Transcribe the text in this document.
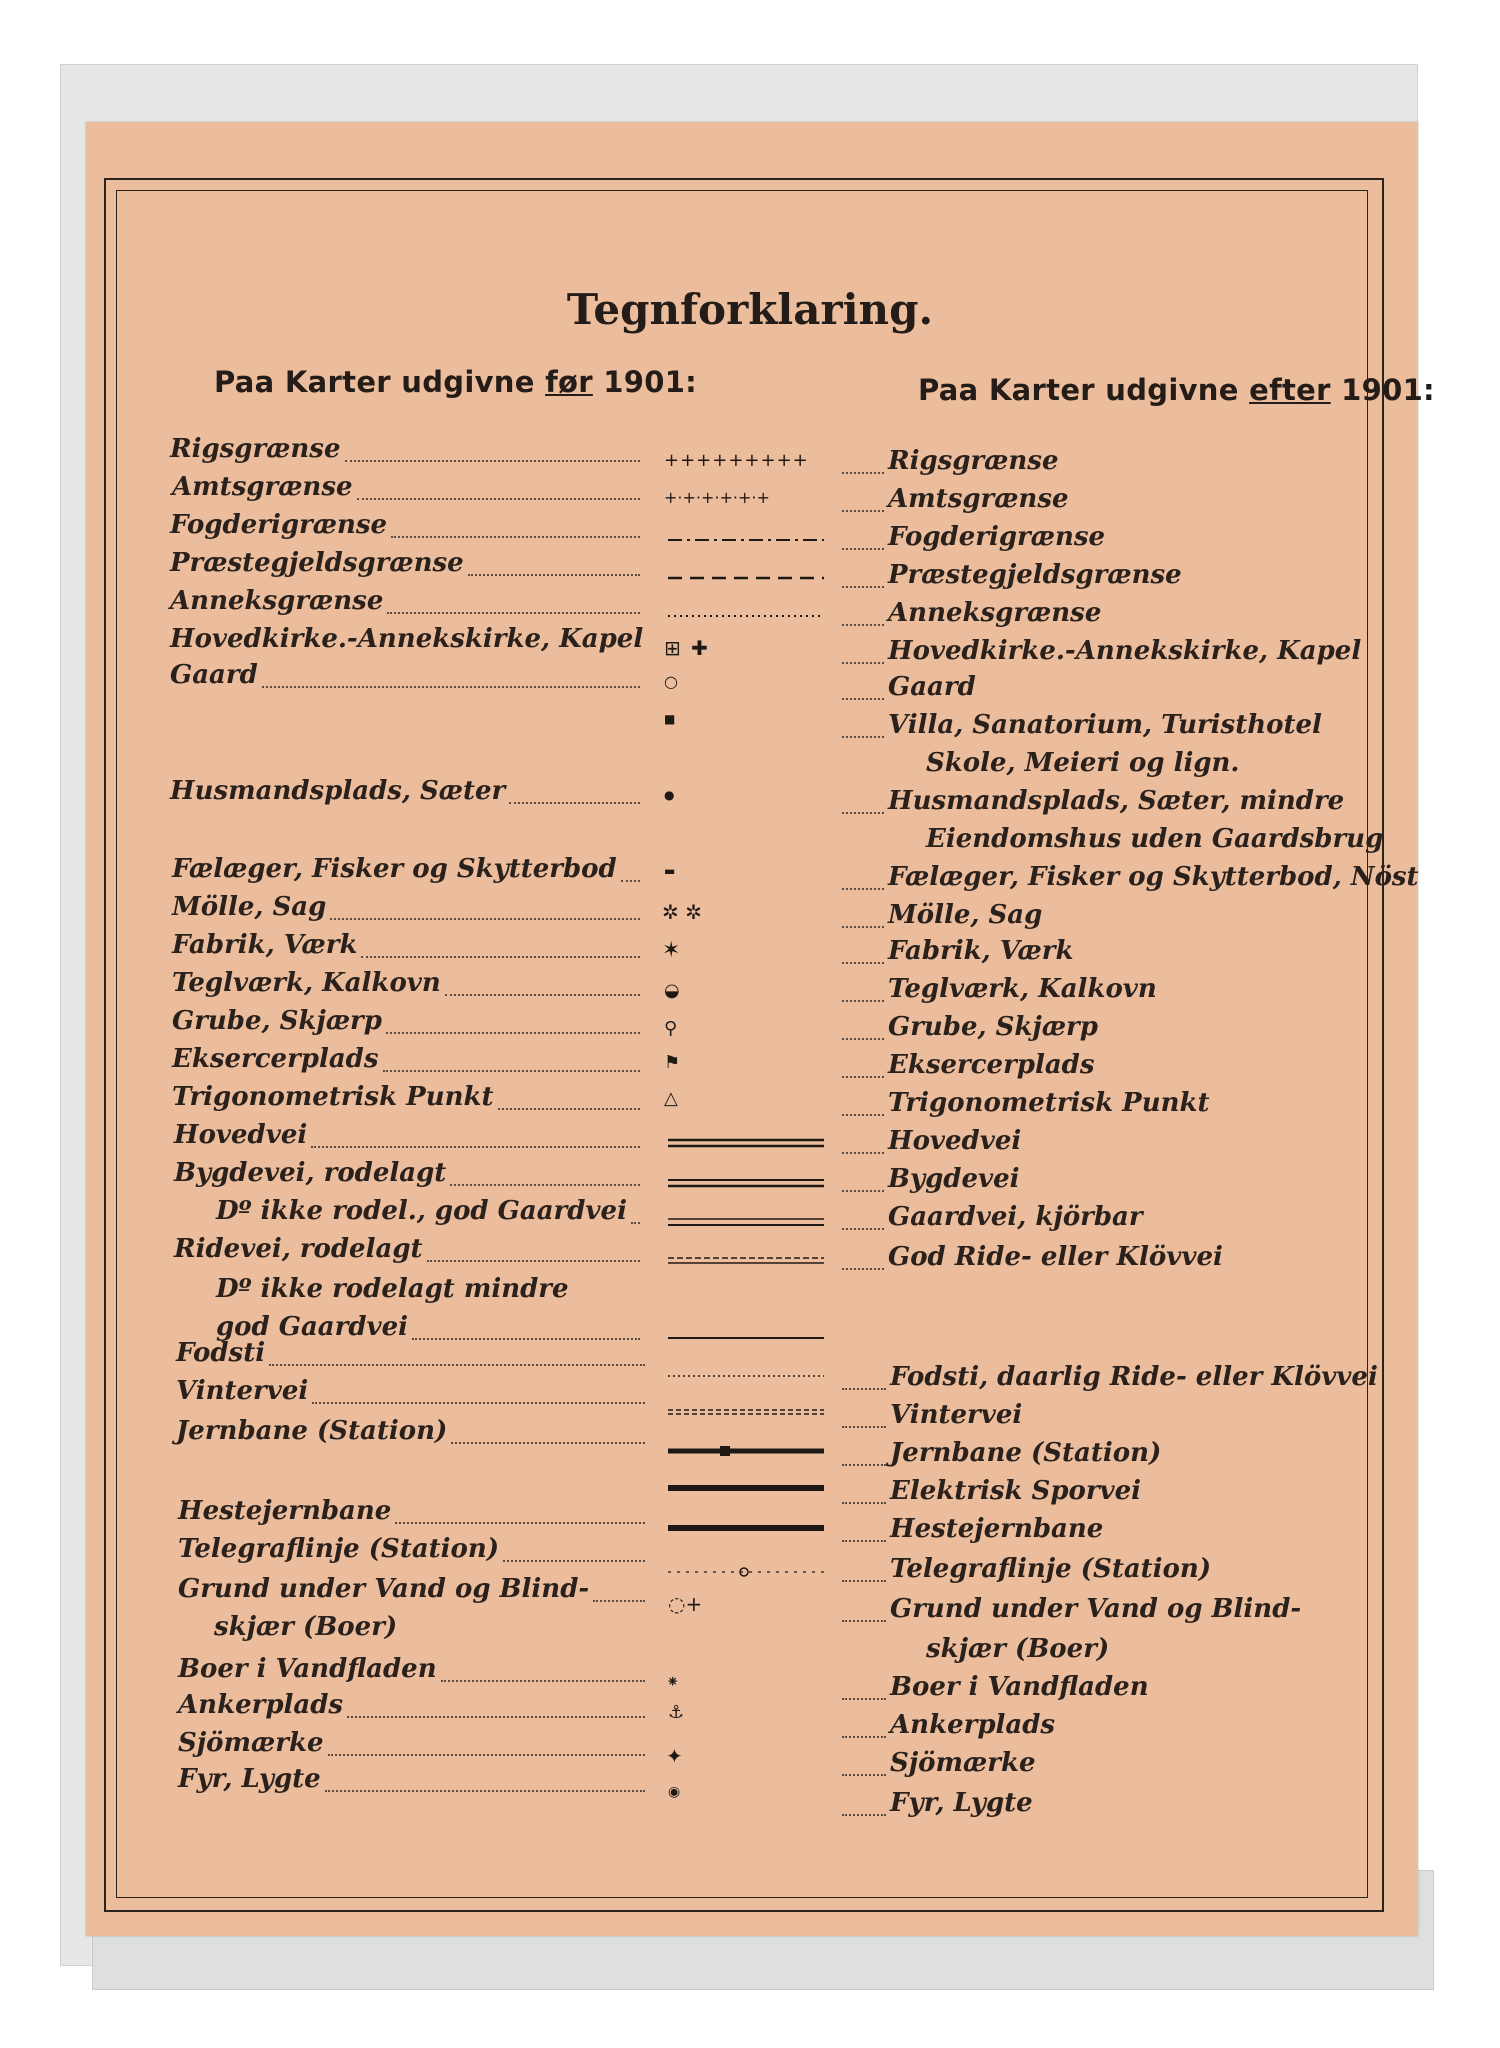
Tegnforklaring.
Paa Karter udgivne før 1901:	Paa Karter udgivne efter 1901:
Rigsgrænse
Amtsgrænse
Fogderigrænse
Præstegjeldsgrænse
Anneksgrænse
Hovedkirke.-Annekskirke, Kapel
Gaard
Husmandsplads, Sæter
Fælæger, Fisker og Skytterbod
Mölle, Sag
Fabrik, Værk
Teglværk, Kalkovn
Grube, Skjærp
Eksercerplads
Trigonometrisk Punkt
Hovedvei
Bygdevei, rodelagt
Dº ikke rodel., god Gaardvei
Ridevei, rodelagt
Dº ikke rodelagt mindre
god Gaardvei
Fodsti
Vintervei
Jernbane (Station)
Hestejernbane
Telegraflinje (Station)
Grund under Vand og Blind-
skjær (Boer)
Boer i Vandfladen
Ankerplads
Sjömærke
Fyr, Lygte
Rigsgrænse
Amtsgrænse
Fogderigrænse
Præstegjeldsgrænse
Anneksgrænse
Hovedkirke.-Annekskirke, Kapel
Gaard
Villa, Sanatorium, Turisthotel
Skole, Meieri og lign.
Husmandsplads, Sæter, mindre
Eiendomshus uden Gaardsbrug
Fælæger, Fisker og Skytterbod, Nöst
Mölle, Sag
Fabrik, Værk
Teglværk, Kalkovn
Grube, Skjærp
Eksercerplads
Trigonometrisk Punkt
Hovedvei
Bygdevei
Gaardvei, kjörbar
God Ride- eller Klövvei
Fodsti, daarlig Ride- eller Klövvei
Vintervei
Jernbane (Station)
Elektrisk Sporvei
Hestejernbane
Telegraflinje (Station)
Grund under Vand og Blind-
skjær (Boer)
Boer i Vandfladen
Ankerplads
Sjömærke
Fyr, Lygte
+++++++++
+·+·+·+·+·+
⊞ ✚
○
■
●
▬
✲ ✲
✶
◒
⚲
⚑
△
◌+
⁕
⚓
✦
◉
